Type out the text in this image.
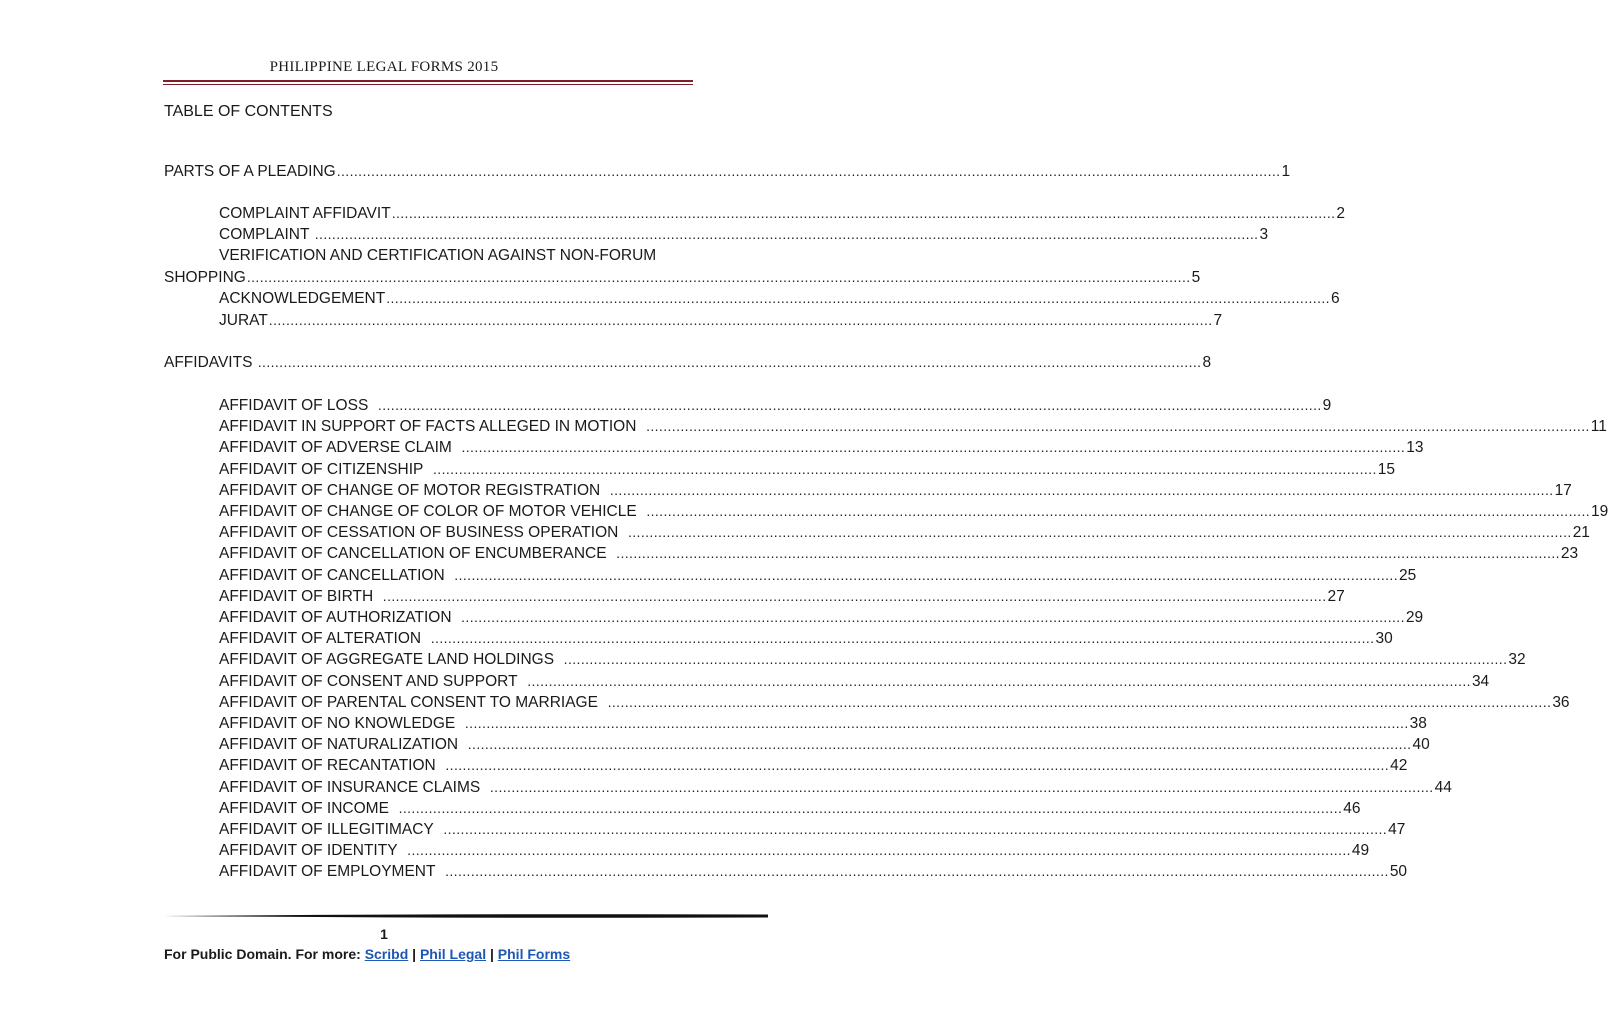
PHILIPPINE LEGAL FORMS 2015
TABLE OF CONTENTS
PARTS OF A PLEADING ............................................................................................................................................................................................................................ 1
COMPLAINT AFFIDAVIT ............................................................................................................................................................................................................................ 2
COMPLAINT
............................................................................................................................................................................................................................ 3
VERIFICATION AND CERTIFICATION AGAINST NON-FORUM
SHOPPING ............................................................................................................................................................................................................................ 5
ACKNOWLEDGEMENT ............................................................................................................................................................................................................................ 6
JURAT ............................................................................................................................................................................................................................ 7
AFFIDAVITS
............................................................................................................................................................................................................................ 8
AFFIDAVIT OF LOSS
............................................................................................................................................................................................................................ 9
AFFIDAVIT IN SUPPORT OF FACTS ALLEGED IN MOTION
............................................................................................................................................................................................................................ 11
AFFIDAVIT OF ADVERSE CLAIM
............................................................................................................................................................................................................................ 13
AFFIDAVIT OF CITIZENSHIP
............................................................................................................................................................................................................................ 15
AFFIDAVIT OF CHANGE OF MOTOR REGISTRATION
............................................................................................................................................................................................................................ 17
AFFIDAVIT OF CHANGE OF COLOR OF MOTOR VEHICLE
............................................................................................................................................................................................................................ 19
AFFIDAVIT OF CESSATION OF BUSINESS OPERATION
............................................................................................................................................................................................................................ 21
AFFIDAVIT OF CANCELLATION OF ENCUMBERANCE
............................................................................................................................................................................................................................ 23
AFFIDAVIT OF CANCELLATION
............................................................................................................................................................................................................................ 25
AFFIDAVIT OF BIRTH
............................................................................................................................................................................................................................ 27
AFFIDAVIT OF AUTHORIZATION
............................................................................................................................................................................................................................ 29
AFFIDAVIT OF ALTERATION
............................................................................................................................................................................................................................ 30
AFFIDAVIT OF AGGREGATE LAND HOLDINGS
............................................................................................................................................................................................................................ 32
AFFIDAVIT OF CONSENT AND SUPPORT
............................................................................................................................................................................................................................ 34
AFFIDAVIT OF PARENTAL CONSENT TO MARRIAGE
............................................................................................................................................................................................................................ 36
AFFIDAVIT OF NO KNOWLEDGE
............................................................................................................................................................................................................................ 38
AFFIDAVIT OF NATURALIZATION
............................................................................................................................................................................................................................ 40
AFFIDAVIT OF RECANTATION
............................................................................................................................................................................................................................ 42
AFFIDAVIT OF INSURANCE CLAIMS
............................................................................................................................................................................................................................ 44
AFFIDAVIT OF INCOME
............................................................................................................................................................................................................................ 46
AFFIDAVIT OF ILLEGITIMACY
............................................................................................................................................................................................................................ 47
AFFIDAVIT OF IDENTITY
............................................................................................................................................................................................................................ 49
AFFIDAVIT OF EMPLOYMENT
............................................................................................................................................................................................................................ 50
1
For Public Domain. For more: Scribd | Phil Legal | Phil Forms
